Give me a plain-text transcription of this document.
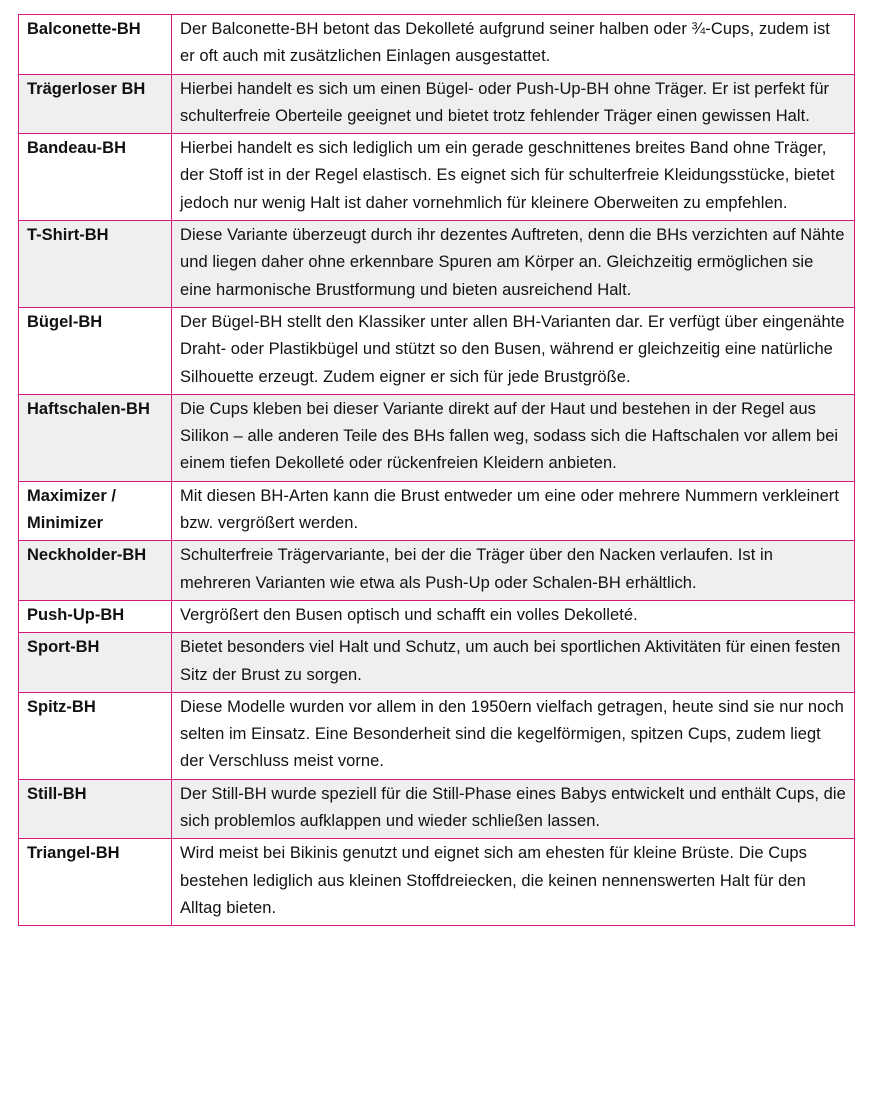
Balconette-BH	Der Balconette-BH betont das Dekolleté aufgrund seiner halben oder ¾-Cups, zudem ist er oft auch mit zusätzlichen Einlagen ausgestattet.
Trägerloser BH	Hierbei handelt es sich um einen Bügel- oder Push-Up-BH ohne Träger. Er ist perfekt für schulterfreie Oberteile geeignet und bietet trotz fehlender Träger einen gewissen Halt.
Bandeau-BH	Hierbei handelt es sich lediglich um ein gerade geschnittenes breites Band ohne Träger, der Stoff ist in der Regel elastisch. Es eignet sich für schulterfreie Kleidungsstücke, bietet jedoch nur wenig Halt ist daher vornehmlich für kleinere Oberweiten zu empfehlen.
T-Shirt-BH	Diese Variante überzeugt durch ihr dezentes Auftreten, denn die BHs verzichten auf Nähte und liegen daher ohne erkennbare Spuren am Körper an. Gleichzeitig ermöglichen sie eine harmonische Brustformung und bieten ausreichend Halt.
Bügel-BH	Der Bügel-BH stellt den Klassiker unter allen BH-Varianten dar. Er verfügt über eingenähte Draht- oder Plastikbügel und stützt so den Busen, während er gleichzeitig eine natürliche Silhouette erzeugt. Zudem eigner er sich für jede Brustgröße.
Haftschalen-BH	Die Cups kleben bei dieser Variante direkt auf der Haut und bestehen in der Regel aus Silikon – alle anderen Teile des BHs fallen weg, sodass sich die Haftschalen vor allem bei einem tiefen Dekolleté oder rückenfreien Kleidern anbieten.
Maximizer / Minimizer	Mit diesen BH-Arten kann die Brust entweder um eine oder mehrere Nummern verkleinert bzw. vergrößert werden.
Neckholder-BH	Schulterfreie Trägervariante, bei der die Träger über den Nacken verlaufen. Ist in mehreren Varianten wie etwa als Push-Up oder Schalen-BH erhältlich.
Push-Up-BH	Vergrößert den Busen optisch und schafft ein volles Dekolleté.
Sport-BH	Bietet besonders viel Halt und Schutz, um auch bei sportlichen Aktivitäten für einen festen Sitz der Brust zu sorgen.
Spitz-BH	Diese Modelle wurden vor allem in den 1950ern vielfach getragen, heute sind sie nur noch selten im Einsatz. Eine Besonderheit sind die kegelförmigen, spitzen Cups, zudem liegt der Verschluss meist vorne.
Still-BH	Der Still-BH wurde speziell für die Still-Phase eines Babys entwickelt und enthält Cups, die sich problemlos aufklappen und wieder schließen lassen.
Triangel-BH	Wird meist bei Bikinis genutzt und eignet sich am ehesten für kleine Brüste. Die Cups bestehen lediglich aus kleinen Stoffdreiecken, die keinen nennenswerten Halt für den Alltag bieten.
